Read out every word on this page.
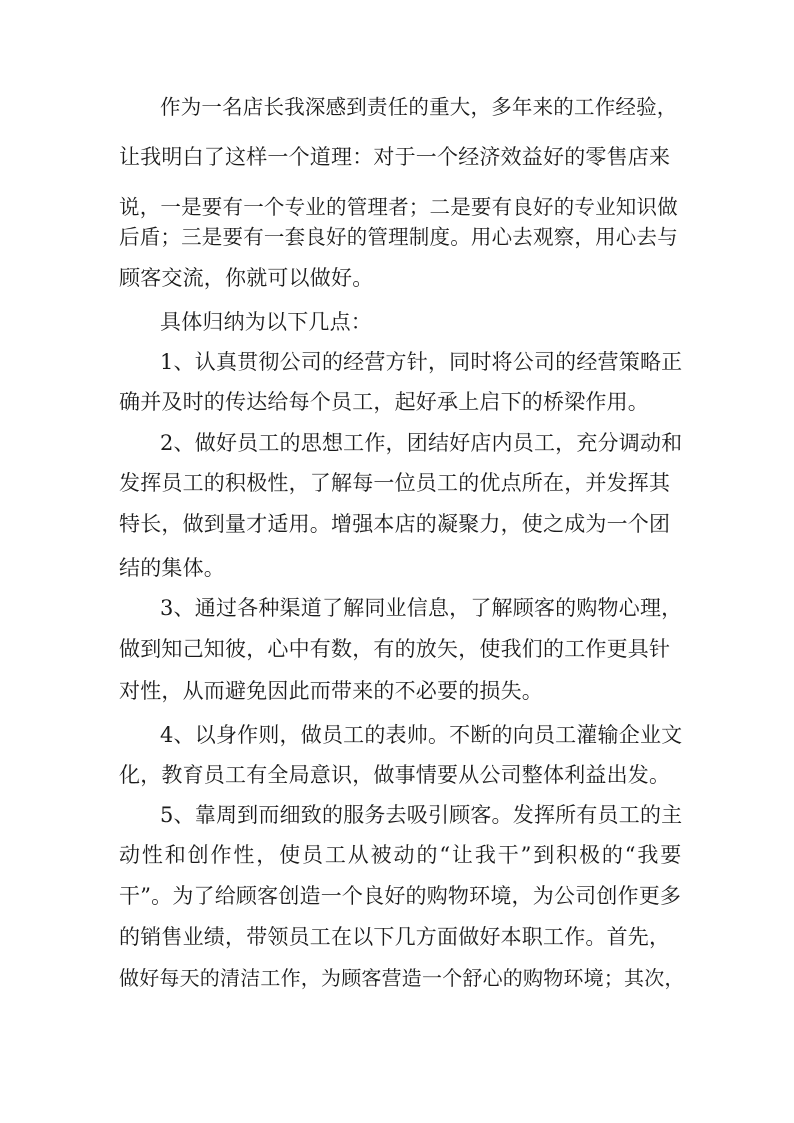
作为一名店长我深感到责任的重大，多年来的工作经验，
让我明白了这样一个道理：对于一个经济效益好的零售店来
说，一是要有一个专业的管理者；二是要有良好的专业知识做
后盾；三是要有一套良好的管理制度。用心去观察，用心去与
顾客交流，你就可以做好。
具体归纳为以下几点：
1、认真贯彻公司的经营方针，同时将公司的经营策略正
确并及时的传达给每个员工，起好承上启下的桥梁作用。
2、做好员工的思想工作，团结好店内员工，充分调动和
发挥员工的积极性，了解每一位员工的优点所在，并发挥其
特长，做到量才适用。增强本店的凝聚力，使之成为一个团
结的集体。
3、通过各种渠道了解同业信息，了解顾客的购物心理，
做到知己知彼，心中有数，有的放矢，使我们的工作更具针
对性，从而避免因此而带来的不必要的损失。
4、以身作则，做员工的表帅。不断的向员工灌输企业文
化，教育员工有全局意识，做事情要从公司整体利益出发。
5、靠周到而细致的服务去吸引顾客。发挥所有员工的主
动性和创作性，使员工从被动的“让我干”到积极的“我要
干”。为了给顾客创造一个良好的购物环境，为公司创作更多
的销售业绩，带领员工在以下几方面做好本职工作。首先，
做好每天的清洁工作，为顾客营造一个舒心的购物环境；其次，
